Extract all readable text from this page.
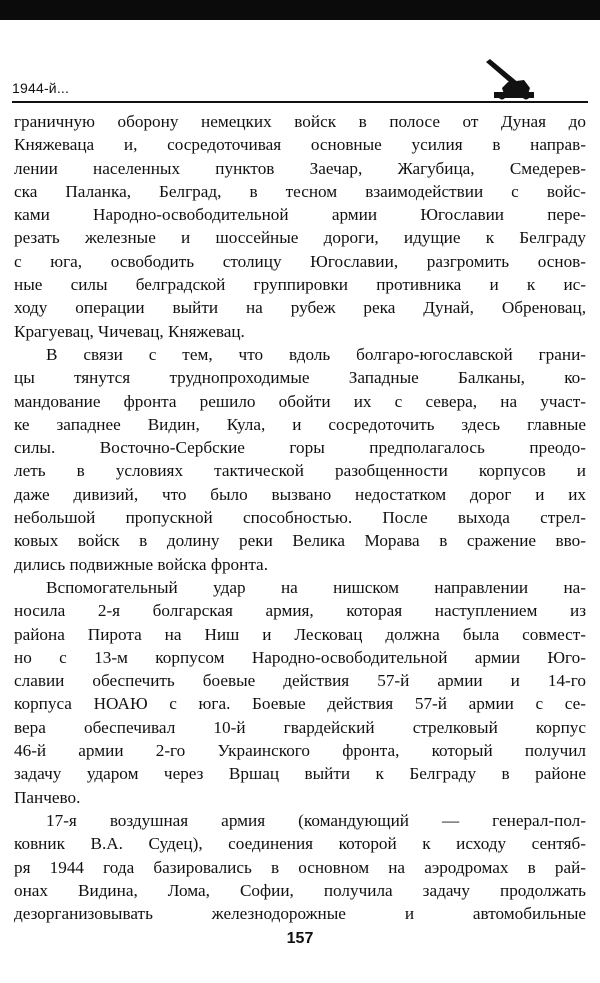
1944-й...

граничную оборону немецких войск в полосе от Дуная до
Княжеваца и, сосредоточивая основные усилия в направ-
лении населенных пунктов Заечар, Жагубица, Смедерев-
ска Паланка, Белград, в тесном взаимодействии с войс-
ками Народно-освободительной армии Югославии пере-
резать железные и шоссейные дороги, идущие к Белграду
с юга, освободить столицу Югославии, разгромить основ-
ные силы белградской группировки противника и к ис-
ходу операции выйти на рубеж река Дунай, Обреновац,
Крагуевац, Чичевац, Княжевац.

В связи с тем, что вдоль болгаро-югославской грани-
цы тянутся труднопроходимые Западные Балканы, ко-
мандование фронта решило обойти их с севера, на участ-
ке западнее Видин, Кула, и сосредоточить здесь главные
силы. Восточно-Сербские горы предполагалось преодо-
леть в условиях тактической разобщенности корпусов и
даже дивизий, что было вызвано недостатком дорог и их
небольшой пропускной способностью. После выхода стрел-
ковых войск в долину реки Велика Морава в сражение вво-
дились подвижные войска фронта.

Вспомогательный удар на нишском направлении на-
носила 2-я болгарская армия, которая наступлением из
района Пирота на Ниш и Лесковац должна была совмест-
но с 13-м корпусом Народно-освободительной армии Юго-
славии обеспечить боевые действия 57-й армии и 14-го
корпуса НОАЮ с юга. Боевые действия 57-й армии с се-
вера обеспечивал 10-й гвардейский стрелковый корпус
46-й армии 2-го Украинского фронта, который получил
задачу ударом через Вршац выйти к Белграду в районе
Панчево.

17-я воздушная армия (командующий — генерал-пол-
ковник В.А. Судец), соединения которой к исходу сентяб-
ря 1944 года базировались в основном на аэродромах в рай-
онах Видина, Лома, Софии, получила задачу продолжать
дезорганизовывать железнодорожные и автомобильные

157
